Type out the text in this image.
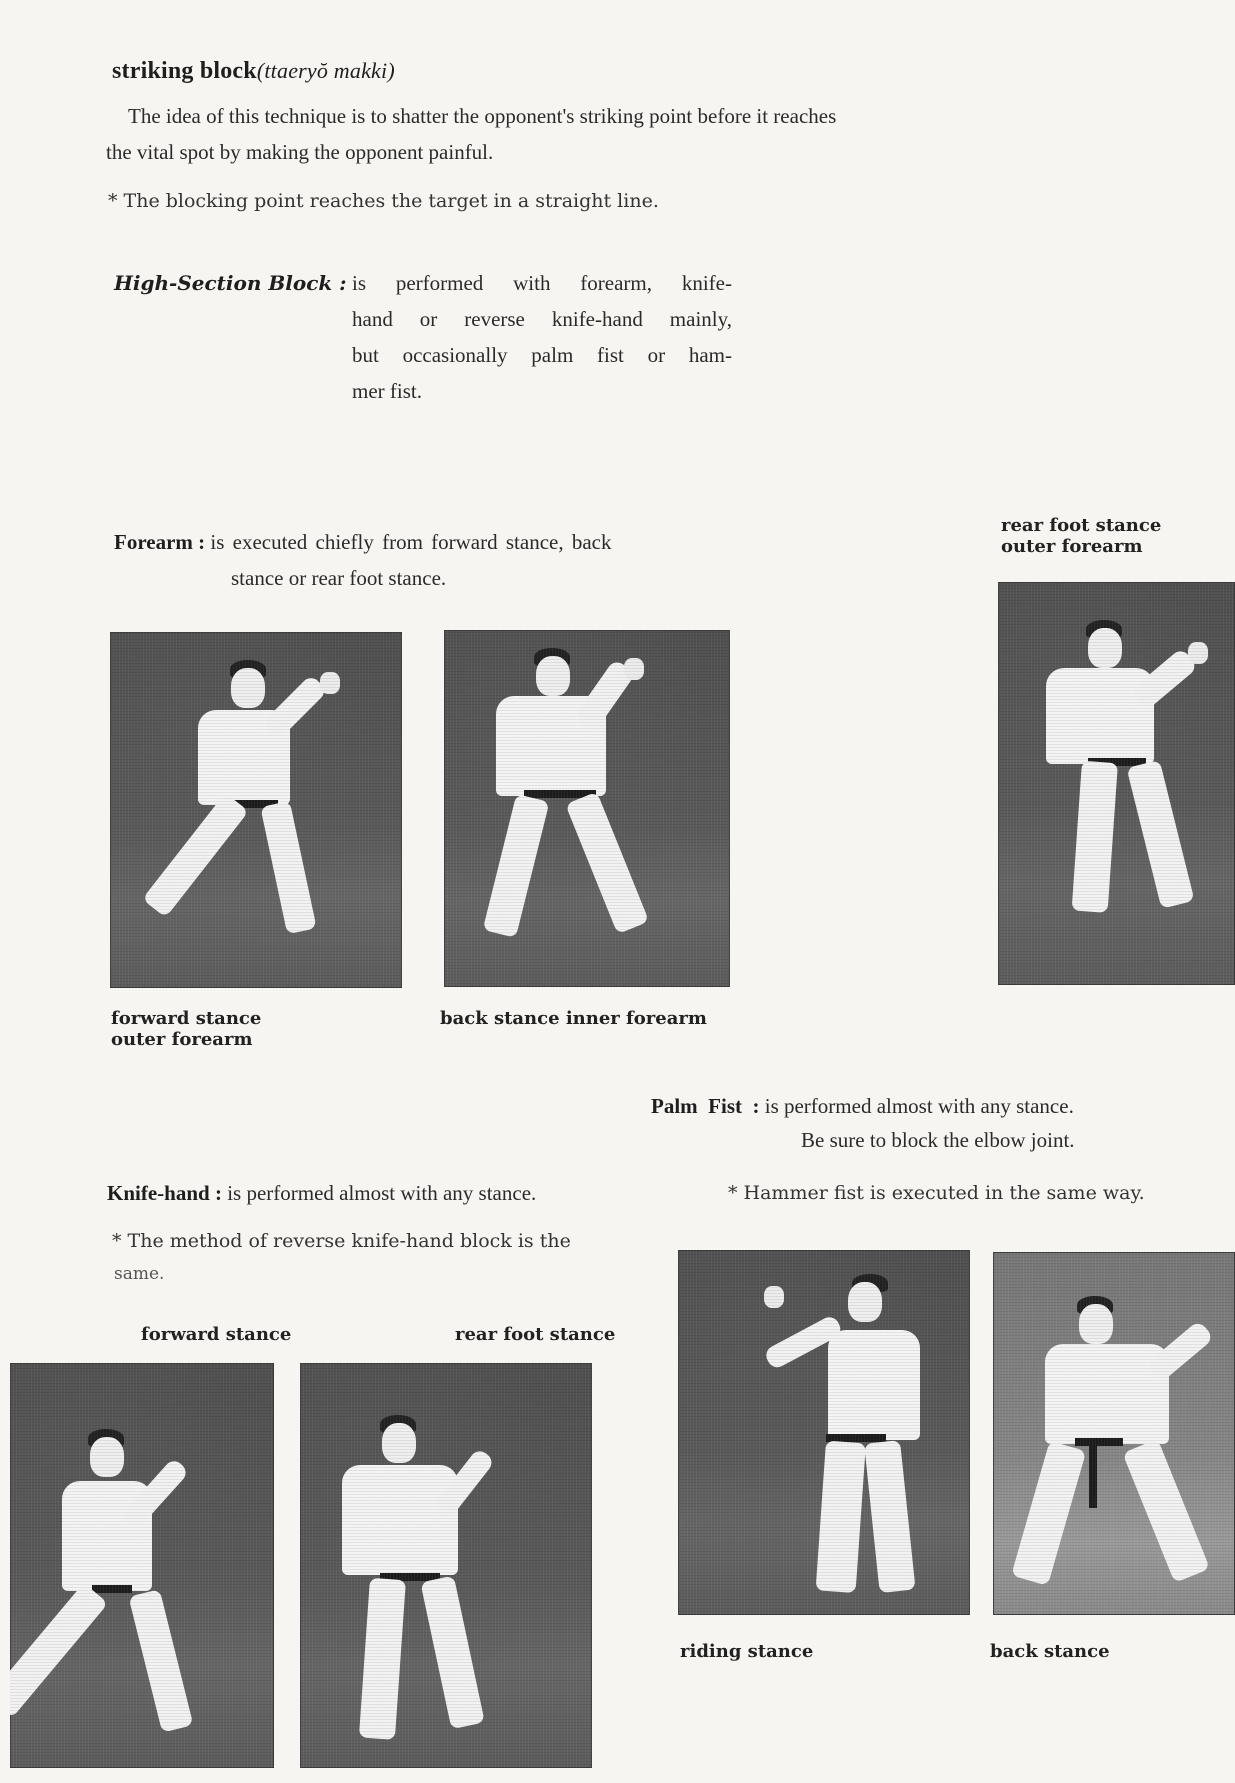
striking block(ttaeryŏ makki)
The idea of this technique is to shatter the opponent's striking point before it reaches
the vital spot by making the opponent painful.
* The blocking point reaches the target in a straight line.
High-Section Block : is performed with forearm, knife-
hand or reverse knife-hand mainly,
but occasionally palm fist or ham-
mer fist.
Forearm : is executed chiefly from forward stance, back
stance or rear foot stance.
rear foot stance
outer forearm
forward stance
outer forearm
back stance inner forearm
Palm  Fist  : is performed almost with any stance.
Be sure to block the elbow joint.
* Hammer fist is executed in the same way.
Knife-hand : is performed almost with any stance.
* The method of reverse knife-hand block is the
same.
forward stance	rear foot stance
riding stance	back stance
